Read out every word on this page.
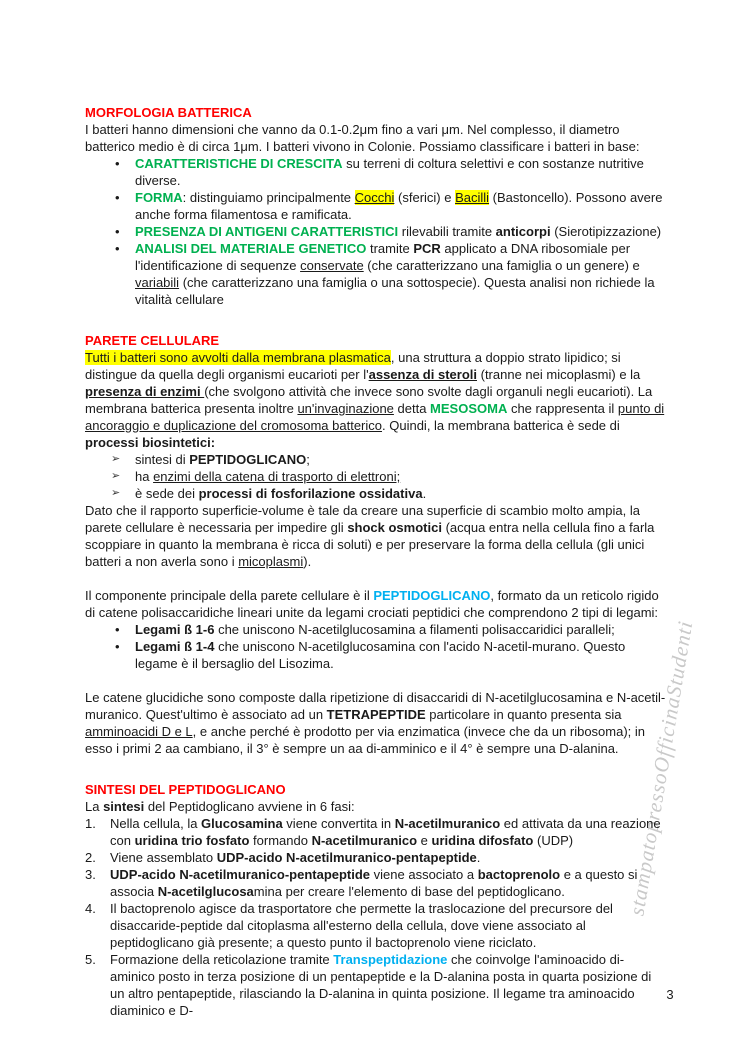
stampatopressoOfficinaStudenti
MORFOLOGIA BATTERICA
I batteri hanno dimensioni che vanno da 0.1-0.2μm fino a vari μm. Nel complesso, il diametro batterico medio è di circa 1μm. I batteri vivono in Colonie. Possiamo classificare i batteri in base:
•	CARATTERISTICHE DI CRESCITA su terreni di coltura selettivi e con sostanze nutritive diverse.
•	FORMA: distinguiamo principalmente Cocchi (sferici) e Bacilli (Bastoncello). Possono avere anche forma filamentosa e ramificata.
•	PRESENZA DI ANTIGENI CARATTERISTICI rilevabili tramite anticorpi (Sierotipizzazione)
•	ANALISI DEL MATERIALE GENETICO tramite PCR applicato a DNA ribosomiale per l'identificazione di sequenze conservate (che caratterizzano una famiglia o un genere) e variabili (che caratterizzano una famiglia o una sottospecie). Questa analisi non richiede la vitalità cellulare
PARETE CELLULARE
Tutti i batteri sono avvolti dalla membrana plasmatica, una struttura a doppio strato lipidico; si distingue da quella degli organismi eucarioti per l'assenza di steroli (tranne nei micoplasmi) e la presenza di enzimi (che svolgono attività che invece sono svolte dagli organuli negli eucarioti). La membrana batterica presenta inoltre un'invaginazione detta MESOSOMA che rappresenta il punto di ancoraggio e duplicazione del cromosoma batterico. Quindi, la membrana batterica è sede di processi biosintetici:
➢	sintesi di PEPTIDOGLICANO;
➢	ha enzimi della catena di trasporto di elettroni;
➢	è sede dei processi di fosforilazione ossidativa.
Dato che il rapporto superficie-volume è tale da creare una superficie di scambio molto ampia, la parete cellulare è necessaria per impedire gli shock osmotici (acqua entra nella cellula fino a farla scoppiare in quanto la membrana è ricca di soluti) e per preservare la forma della cellula (gli unici batteri a non averla sono i micoplasmi).
Il componente principale della parete cellulare è il PEPTIDOGLICANO, formato da un reticolo rigido di catene polisaccaridiche lineari unite da legami crociati peptidici che comprendono 2 tipi di legami:
•	Legami ß 1-6 che uniscono N-acetilglucosamina a filamenti polisaccaridici paralleli;
•	Legami ß 1-4 che uniscono N-acetilglucosamina con l'acido N-acetil-murano. Questo legame è il bersaglio del Lisozima.
Le catene glucidiche sono composte dalla ripetizione di disaccaridi di N-acetilglucosamina e N-acetil-muranico. Quest'ultimo è associato ad un TETRAPEPTIDE particolare in quanto presenta sia amminoacidi D e L, e anche perché è prodotto per via enzimatica (invece che da un ribosoma); in esso i primi 2 aa cambiano, il 3° è sempre un aa di-amminico e il 4° è sempre una D-alanina.
SINTESI DEL PEPTIDOGLICANO
La sintesi del Peptidoglicano avviene in 6 fasi:
1.	Nella cellula, la Glucosamina viene convertita in N-acetilmuranico ed attivata da una reazione con uridina trio fosfato formando N-acetilmuranico e uridina difosfato (UDP)
2.	Viene assemblato UDP-acido N-acetilmuranico-pentapeptide.
3.	UDP-acido N-acetilmuranico-pentapeptide viene associato a bactoprenolo e a questo si associa N-acetilglucosamina per creare l'elemento di base del peptidoglicano.
4.	Il bactoprenolo agisce da trasportatore che permette la traslocazione del precursore del disaccaride-peptide dal citoplasma all'esterno della cellula, dove viene associato al peptidoglicano già presente; a questo punto il bactoprenolo viene riciclato.
5.	Formazione della reticolazione tramite Transpeptidazione che coinvolge l'aminoacido di-aminico posto in terza posizione di un pentapeptide e la D-alanina posta in quarta posizione di un altro pentapeptide, rilasciando la D-alanina in quinta posizione. Il legame tra aminoacido diaminico e D-
3
